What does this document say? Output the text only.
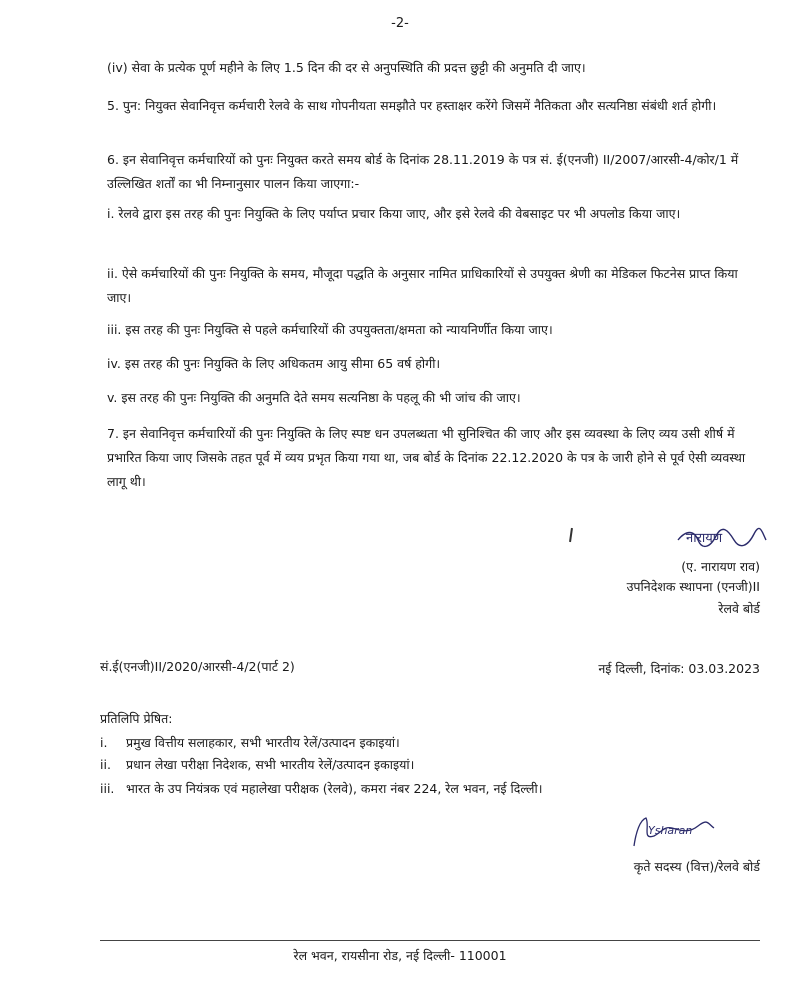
-2-

(iv) सेवा के प्रत्येक पूर्ण महीने के लिए 1.5 दिन की दर से अनुपस्थिति की प्रदत्त छुट्टी की अनुमति दी जाए।

5. पुन: नियुक्त सेवानिवृत्त कर्मचारी रेलवे के साथ गोपनीयता समझौते पर हस्ताक्षर करेंगे जिसमें नैतिकता और सत्यनिष्ठा संबंधी शर्त होगी।

6. इन सेवानिवृत्त कर्मचारियों को पुनः नियुक्त करते समय बोर्ड के दिनांक 28.11.2019 के पत्र सं. ई(एनजी) II/2007/आरसी-4/कोर/1 में उल्लिखित शर्तों का भी निम्नानुसार पालन किया जाएगा:-

i. रेलवे द्वारा इस तरह की पुनः नियुक्ति के लिए पर्याप्त प्रचार किया जाए, और इसे रेलवे की वेबसाइट पर भी अपलोड किया जाए।

ii. ऐसे कर्मचारियों की पुनः नियुक्ति के समय, मौजूदा पद्धति के अनुसार नामित प्राधिकारियों से उपयुक्त श्रेणी का मेडिकल फिटनेस प्राप्त किया जाए।

iii. इस तरह की पुनः नियुक्ति से पहले कर्मचारियों की उपयुक्तता/क्षमता को न्यायनिर्णीत किया जाए।

iv. इस तरह की पुनः नियुक्ति के लिए अधिकतम आयु सीमा 65 वर्ष होगी।

v. इस तरह की पुनः नियुक्ति की अनुमति देते समय सत्यनिष्ठा के पहलू की भी जांच की जाए।

7. इन सेवानिवृत्त कर्मचारियों की पुनः नियुक्ति के लिए स्पष्ट धन उपलब्धता भी सुनिश्चित की जाए और इस व्यवस्था के लिए व्यय उसी शीर्ष में प्रभारित किया जाए जिसके तहत पूर्व में व्यय प्रभृत किया गया था, जब बोर्ड के दिनांक 22.12.2020 के पत्र के जारी होने से पूर्व ऐसी व्यवस्था लागू थी।

नारायण
(ए. नारायण राव)
उपनिदेशक स्थापना (एनजी)II
रेलवे बोर्ड
सं.ई(एनजी)II/2020/आरसी-4/2(पार्ट 2)	नई दिल्ली, दिनांक: 03.03.2023
प्रतिलिपि प्रेषित:
i. प्रमुख वित्तीय सलाहकार, सभी भारतीय रेलें/उत्पादन इकाइयां।
ii. प्रधान लेखा परीक्षा निदेशक, सभी भारतीय रेलें/उत्पादन इकाइयां।
iii. भारत के उप नियंत्रक एवं महालेखा परीक्षक (रेलवे), कमरा नंबर 224, रेल भवन, नई दिल्ली।
Ysharan
कृते सदस्य (वित्त)/रेलवे बोर्ड
रेल भवन, रायसीना रोड, नई दिल्ली- 110001
